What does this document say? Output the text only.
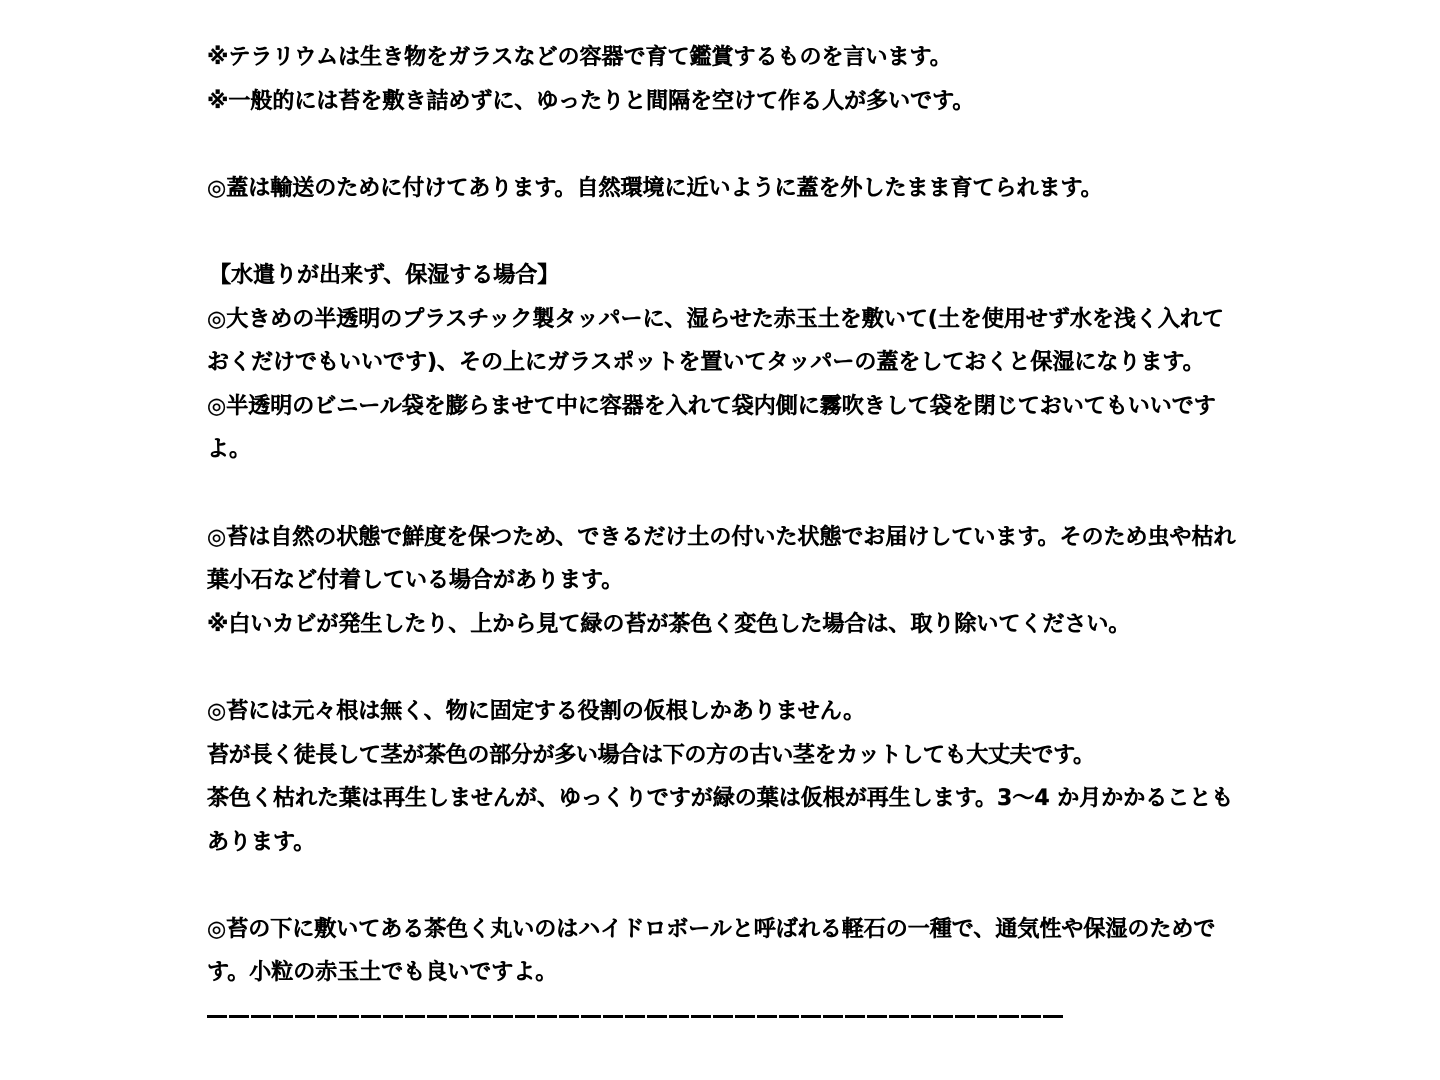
※テラリウムは生き物をガラスなどの容器で育て鑑賞するものを言います。
※一般的には苔を敷き詰めずに、ゆったりと間隔を空けて作る人が多いです。
◎蓋は輸送のために付けてあります。自然環境に近いように蓋を外したまま育てられます。
【水遣りが出来ず、保湿する場合】
◎大きめの半透明のプラスチック製タッパーに、湿らせた赤玉土を敷いて(土を使用せず水を浅く入れておくだけでもいいです)、その上にガラスポットを置いてタッパーの蓋をしておくと保湿になります。
◎半透明のビニール袋を膨らませて中に容器を入れて袋内側に霧吹きして袋を閉じておいてもいいですよ。
◎苔は自然の状態で鮮度を保つため、できるだけ土の付いた状態でお届けしています。そのため虫や枯れ葉小石など付着している場合があります。
※白いカビが発生したり、上から見て緑の苔が茶色く変色した場合は、取り除いてください。
◎苔には元々根は無く、物に固定する役割の仮根しかありません。
苔が長く徒長して茎が茶色の部分が多い場合は下の方の古い茎をカットしても大丈夫です。
茶色く枯れた葉は再生しませんが、ゆっくりですが緑の葉は仮根が再生します。3～4 か月かかることもあります。
◎苔の下に敷いてある茶色く丸いのはハイドロボールと呼ばれる軽石の一種で、通気性や保湿のためです。小粒の赤玉土でも良いですよ。
